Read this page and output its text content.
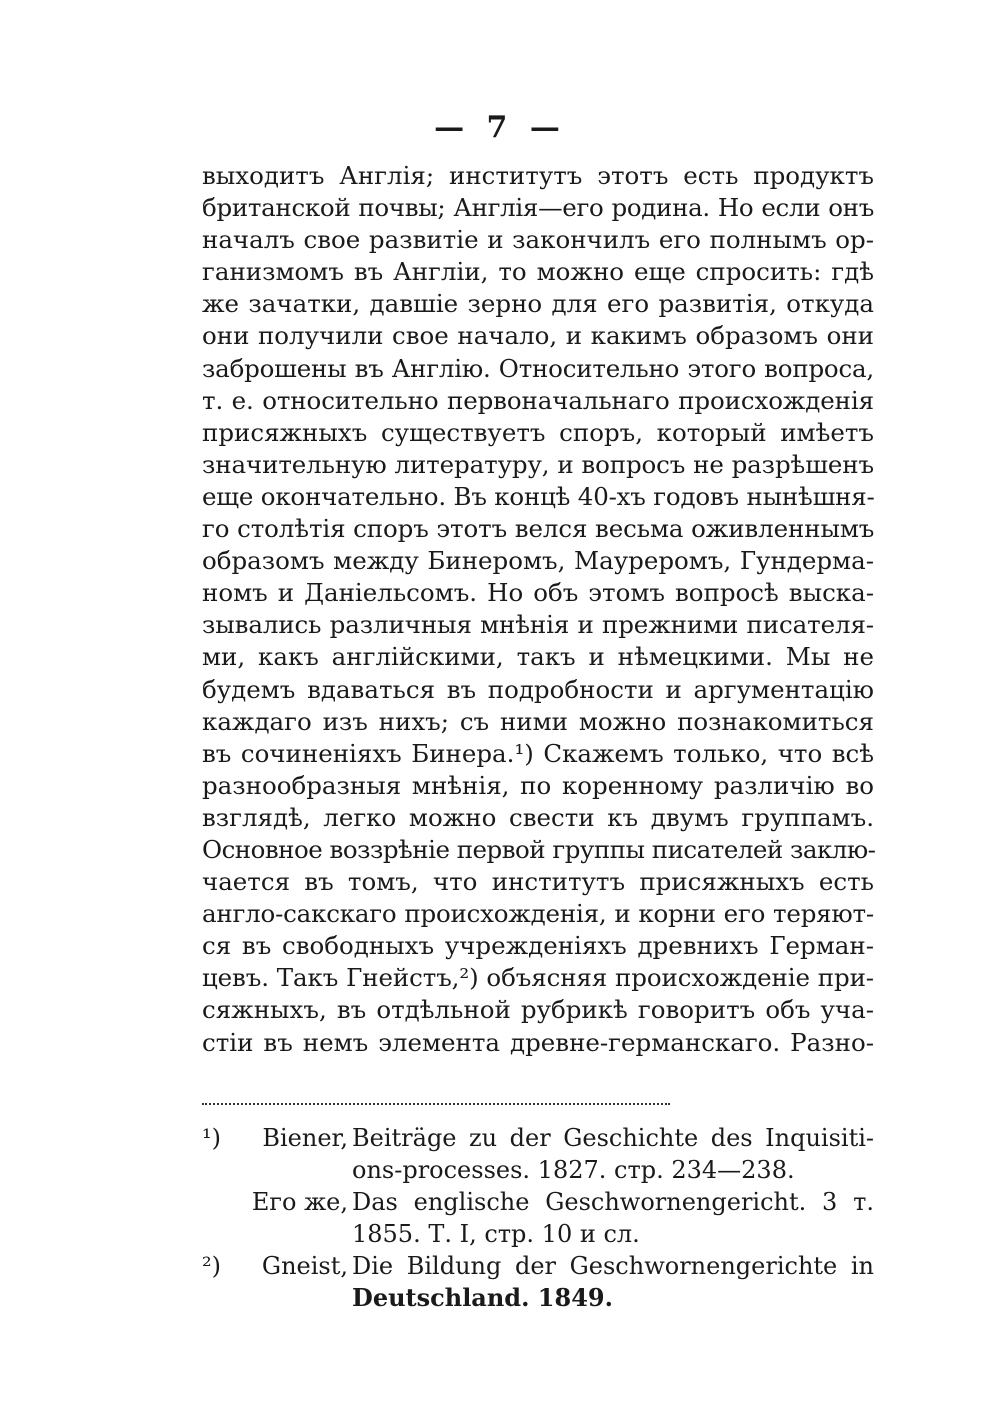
— 7 —
выходитъ Англія; институтъ этотъ есть продуктъ
британской почвы; Англія—его родина. Но если онъ
началъ свое развитіе и закончилъ его полнымъ ор-
ганизмомъ въ Англіи, то можно еще спросить: гдѣ
же зачатки, давшіе зерно для его развитія, откуда
они получили свое начало, и какимъ образомъ они
заброшены въ Англію. Относительно этого вопроса,
т. е. относительно первоначальнаго происхожденія
присяжныхъ существуетъ споръ, который имѣетъ
значительную литературу, и вопросъ не разрѣшенъ
еще окончательно. Въ концѣ 40-хъ годовъ нынѣшня-
го столѣтія споръ этотъ велся весьма оживленнымъ
образомъ между Бинеромъ, Мауреромъ, Гундерма-
номъ и Даніельсомъ. Но объ этомъ вопросѣ выска-
зывались различныя мнѣнія и прежними писателя-
ми, какъ англійскими, такъ и нѣмецкими. Мы не
будемъ вдаваться въ подробности и аргументацію
каждаго изъ нихъ; съ ними можно познакомиться
въ сочиненіяхъ Бинера.¹) Скажемъ только, что всѣ
разнообразныя мнѣнія, по коренному различію во
взглядѣ, легко можно свести къ двумъ группамъ.
Основное воззрѣніе первой группы писателей заклю-
чается въ томъ, что институтъ присяжныхъ есть
англо-сакскаго происхожденія, и корни его теряют-
ся въ свободныхъ учрежденіяхъ древнихъ Герман-
цевъ. Такъ Гнейстъ,²) объясняя происхожденіе при-
сяжныхъ, въ отдѣльной рубрикѣ говоритъ объ уча-
стіи въ немъ элемента древне-германскаго. Разно-
¹) Biener, Beiträge zu der Geschichte des Inquisiti-
ons-processes. 1827. стр. 234—238.
Его же, Das englische Geschwornengericht. 3 т.
1855. Т. I, стр. 10 и сл.
²) Gneist, Die Bildung der Geschwornengerichte in
Deutschland. 1849.
